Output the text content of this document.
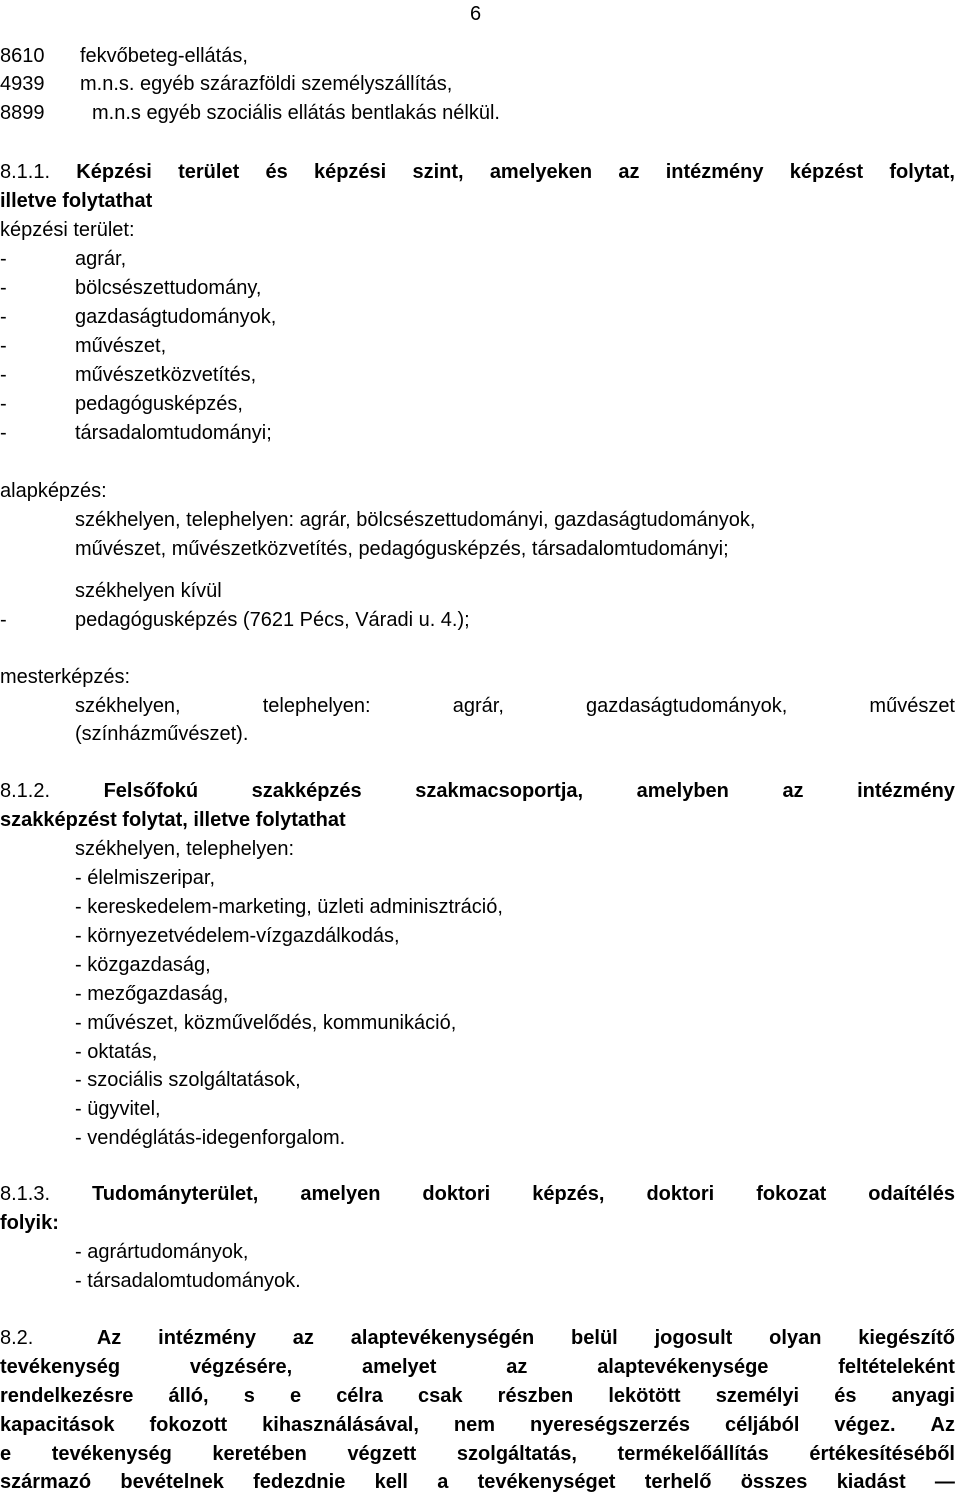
6
8610 fekvőbeteg-ellátás,
4939 m.n.s. egyéb szárazföldi személyszállítás,
8899 m.n.s egyéb szociális ellátás bentlakás nélkül.
8.1.1. Képzési terület és képzési szint, amelyeken az intézmény képzést folytat,
illetve folytathat
képzési terület:
-	agrár,
-	bölcsészettudomány,
-	gazdaságtudományok,
-	művészet,
-	művészetközvetítés,
-	pedagógusképzés,
-	társadalomtudományi;
alapképzés:
székhelyen, telephelyen: agrár, bölcsészettudományi, gazdaságtudományok,
művészet, művészetközvetítés, pedagógusképzés, társadalomtudományi;
székhelyen kívül
-	pedagógusképzés (7621 Pécs, Váradi u. 4.);
mesterképzés:
székhelyen,	telephelyen:	agrár,	gazdaságtudományok,	művészet
(színházművészet).
8.1.2.	Felsőfokú	szakképzés	szakmacsoportja,	amelyben	az	intézmény
szakképzést folytat, illetve folytathat
székhelyen, telephelyen:
- élelmiszeripar,
- kereskedelem-marketing, üzleti adminisztráció,
- környezetvédelem-vízgazdálkodás,
- közgazdaság,
- mezőgazdaság,
- művészet, közművelődés, kommunikáció,
- oktatás,
- szociális szolgáltatások,
- ügyvitel,
- vendéglátás-idegenforgalom.
8.1.3. Tudományterület, amelyen doktori képzés, doktori fokozat odaítélés
folyik:
- agrártudományok,
- társadalomtudományok.
8.2.	Az intézmény az alaptevékenységén belül jogosult olyan kiegészítő
tevékenység	végzésére,	amelyet	az	alaptevékenysége	feltételeként
rendelkezésre álló, s e célra csak részben lekötött személyi és anyagi
kapacitások fokozott kihasználásával, nem nyereségszerzés céljából végez. Az
e tevékenység keretében végzett szolgáltatás, termékelőállítás értékesítéséből
származó bevételnek fedezdnie kell a tevékenységet terhelő összes kiadást —
